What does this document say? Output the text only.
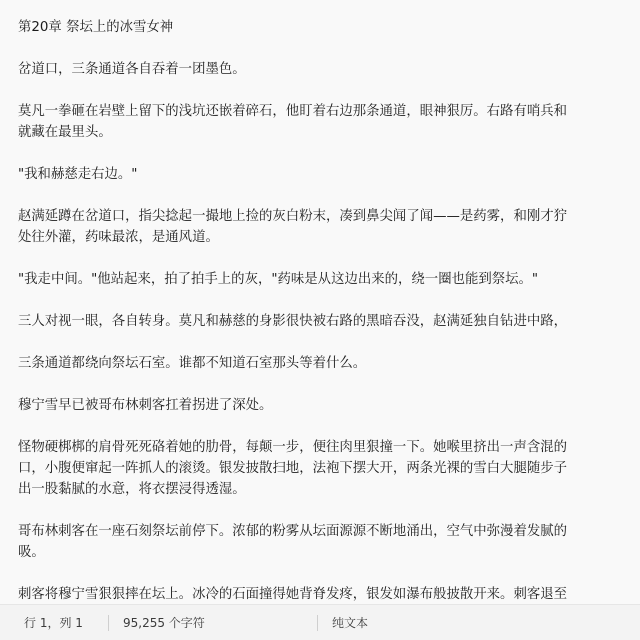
第20章 祭坛上的冰雪女神
岔道口，三条通道各自吞着一团墨色。
莫凡一拳砸在岩壁上留下的浅坑还嵌着碎石，他盯着右边那条通道，眼神狠厉。右路有哨兵和
就藏在最里头。
"我和赫慈走右边。"
赵满延蹲在岔道口，指尖捻起一撮地上捡的灰白粉末，凑到鼻尖闻了闻——是药雾，和刚才狞
处往外灌，药味最浓，是通风道。
"我走中间。"他站起来，拍了拍手上的灰，"药味是从这边出来的，绕一圈也能到祭坛。"
三人对视一眼，各自转身。莫凡和赫慈的身影很快被右路的黑暗吞没，赵满延独自钻进中路，
三条通道都绕向祭坛石室。谁都不知道石室那头等着什么。
穆宁雪早已被哥布林刺客扛着拐进了深处。
怪物硬梆梆的肩骨死死硌着她的肋骨，每颠一步，便往肉里狠撞一下。她喉里挤出一声含混的
口，小腹便窜起一阵抓人的滚烫。银发披散扫地，法袍下摆大开，两条光裸的雪白大腿随步子
出一股黏腻的水意，将衣摆浸得透湿。
哥布林刺客在一座石刻祭坛前停下。浓郁的粉雾从坛面源源不断地涌出，空气中弥漫着发腻的
吸。
刺客将穆宁雪狠狠摔在坛上。冰冷的石面撞得她背脊发疼，银发如瀑布般披散开来。刺客退至
行 1，列 1	95,255 个字符	纯文本
